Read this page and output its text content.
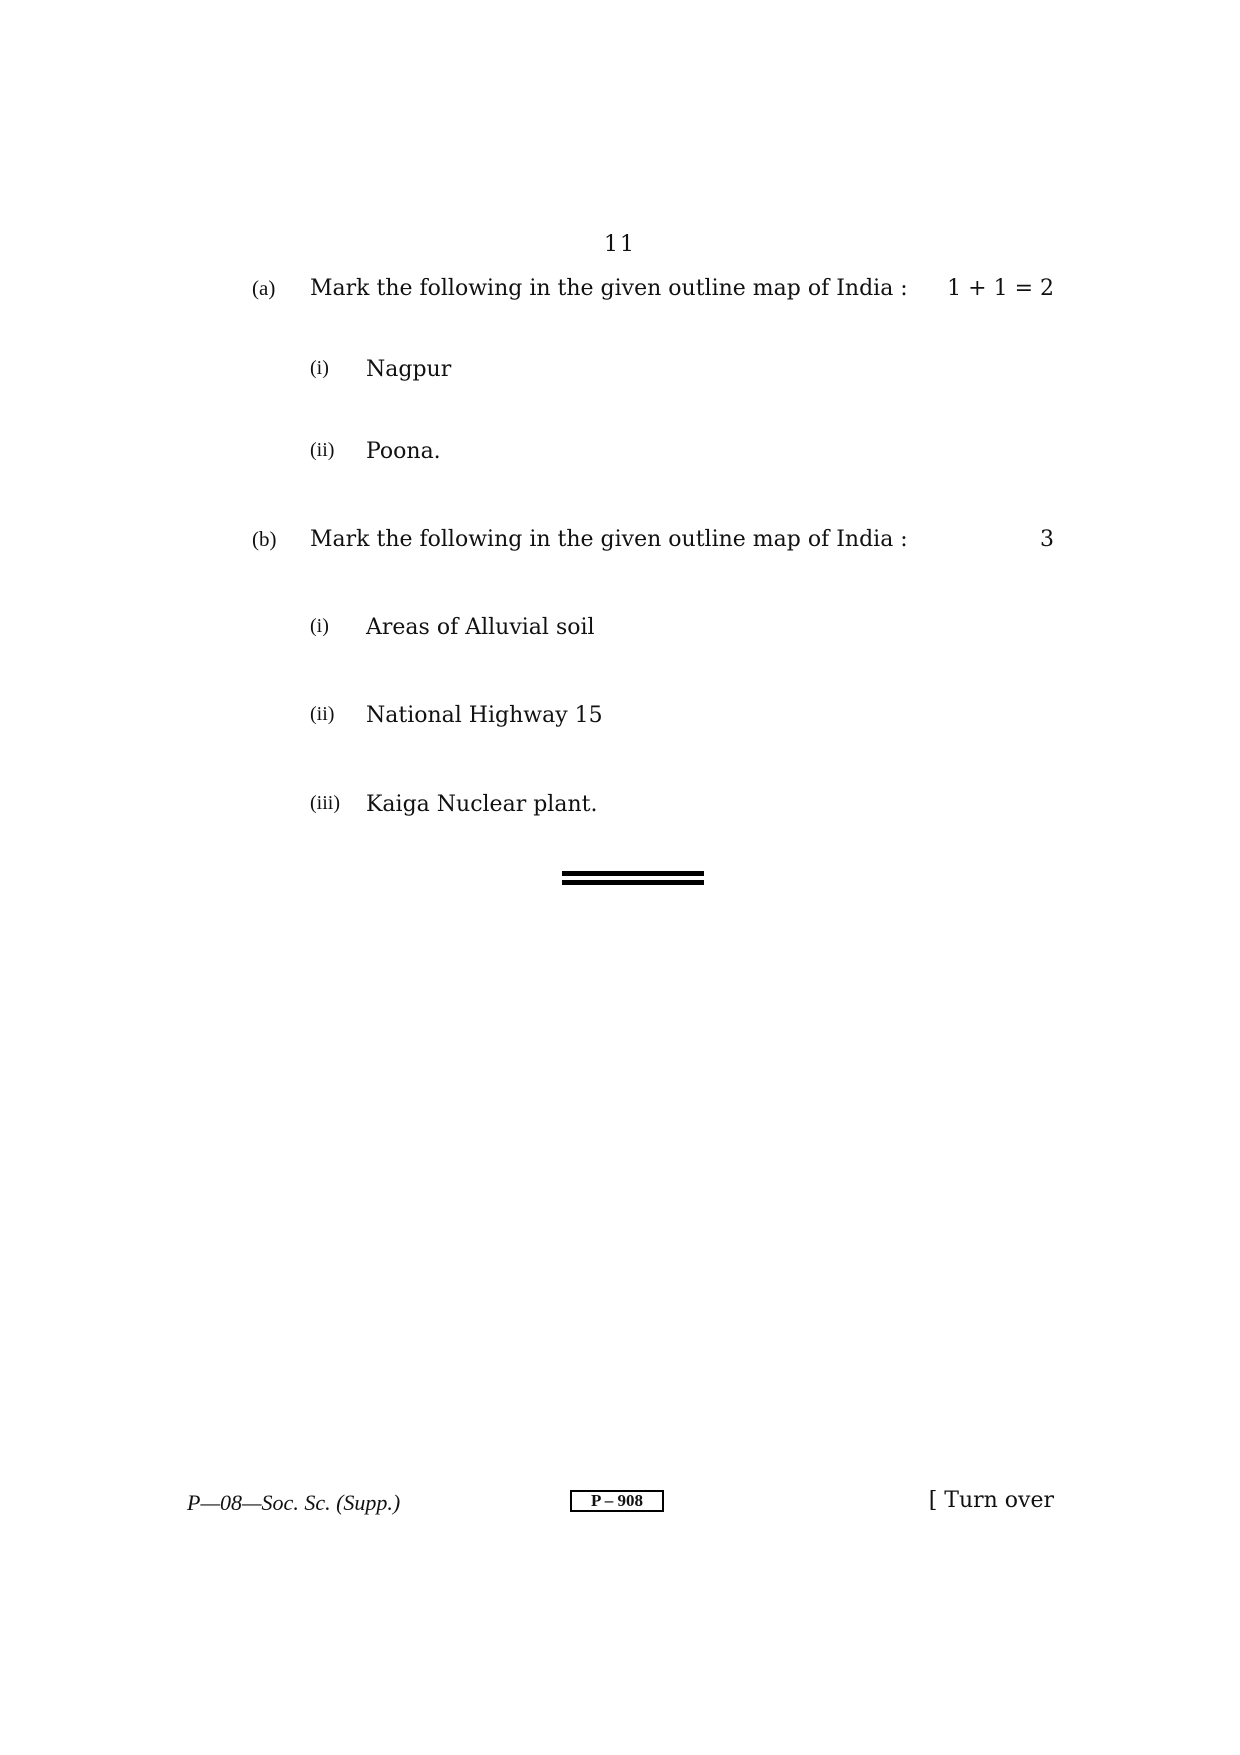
11
(a) Mark the following in the given outline map of India : 1 + 1 = 2
(i) Nagpur
(ii) Poona.
(b) Mark the following in the given outline map of India :	3
(i) Areas of Alluvial soil
(ii) National Highway 15
(iii) Kaiga Nuclear plant.
P—08—Soc. Sc. (Supp.)	P – 908	[ Turn over
